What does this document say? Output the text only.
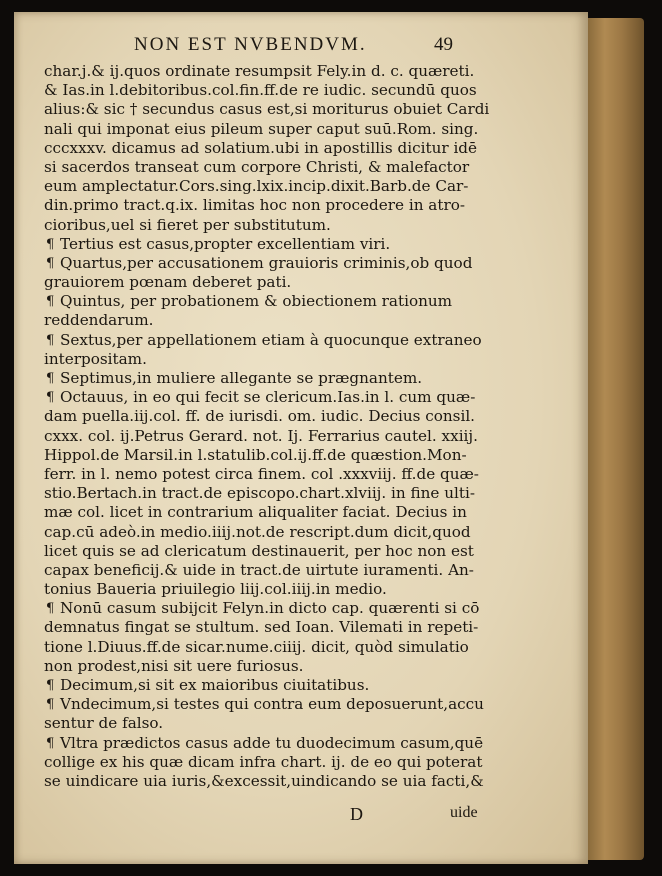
NON EST NVBENDVM.	49
char.j.& ij.quos ordinate resumpsit Fely.in d. c. quæreti.
& Ias.in l.debitoribus.col.fin.ff.de re iudic. secundū quos
alius:& sic † secundus casus est,si moriturus obuiet Cardi
nali qui imponat eius pileum super caput suū.Rom. sing.
cccxxxv. dicamus ad solatium.ubi in apostillis dicitur idē
si sacerdos transeat cum corpore Christi, & malefactor
eum amplectatur.Cors.sing.lxix.incip.dixit.Barb.de Car-
din.primo tract.q.ix. limitas hoc non procedere in atro-
cioribus,uel si fieret per substitutum.
¶ Tertius est casus,propter excellentiam viri.
¶ Quartus,per accusationem grauioris criminis,ob quod
grauiorem pœnam deberet pati.
¶ Quintus, per probationem & obiectionem rationum
reddendarum.
¶ Sextus,per appellationem etiam à quocunque extraneo
interpositam.
¶ Septimus,in muliere allegante se prægnantem.
¶ Octauus, in eo qui fecit se clericum.Ias.in l. cum quæ-
dam puella.iij.col. ff. de iurisdi. om. iudic. Decius consil.
cxxx. col. ij.Petrus Gerard. not. Ij. Ferrarius cautel. xxiij.
Hippol.de Marsil.in l.statulib.col.ij.ff.de quæstion.Mon-
ferr. in l. nemo potest circa finem. col .xxxviij. ff.de quæ-
stio.Bertach.in tract.de episcopo.chart.xlviij. in fine ulti-
mæ col. licet in contrarium aliqualiter faciat. Decius in
cap.cū adeò.in medio.iiij.not.de rescript.dum dicit,quod
licet quis se ad clericatum destinauerit, per hoc non est
capax beneficij.& uide in tract.de uirtute iuramenti. An-
tonius Baueria priuilegio liij.col.iiij.in medio.
¶ Nonū casum subijcit Felyn.in dicto cap. quærenti si cō
demnatus fingat se stultum. sed Ioan. Vilemati in repeti-
tione l.Diuus.ff.de sicar.nume.ciiij. dicit, quòd simulatio
non prodest,nisi sit uere furiosus.
¶ Decimum,si sit ex maioribus ciuitatibus.
¶ Vndecimum,si testes qui contra eum deposuerunt,accu
sentur de falso.
¶ Vltra prædictos casus adde tu duodecimum casum,quē
collige ex his quæ dicam infra chart. ij. de eo qui poterat
se uindicare uia iuris,&excessit,uindicando se uia facti,&
D	uide
